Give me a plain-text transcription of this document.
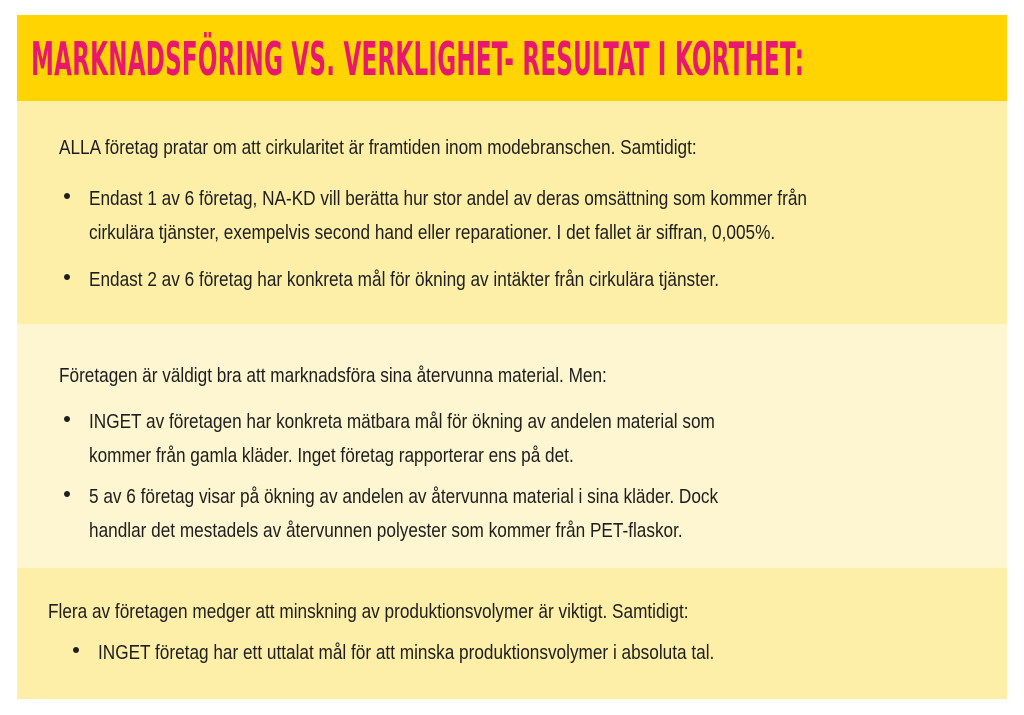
MARKNADSFÖRING VS. VERKLIGHET- RESULTAT I KORTHET:
ALLA företag pratar om att cirkularitet är framtiden inom modebranschen. Samtidigt:
Endast 1 av 6 företag, NA-KD vill berätta hur stor andel av deras omsättning som kommer från
cirkulära tjänster, exempelvis second hand eller reparationer. I det fallet är siffran, 0,005%.
Endast 2 av 6 företag har konkreta mål för ökning av intäkter från cirkulära tjänster.
Företagen är väldigt bra att marknadsföra sina återvunna material. Men:
INGET av företagen har konkreta mätbara mål för ökning av andelen material som
kommer från gamla kläder. Inget företag rapporterar ens på det.
5 av 6 företag visar på ökning av andelen av återvunna material i sina kläder. Dock
handlar det mestadels av återvunnen polyester som kommer från PET-flaskor.
Flera av företagen medger att minskning av produktionsvolymer är viktigt. Samtidigt:
INGET företag har ett uttalat mål för att minska produktionsvolymer i absoluta tal.
